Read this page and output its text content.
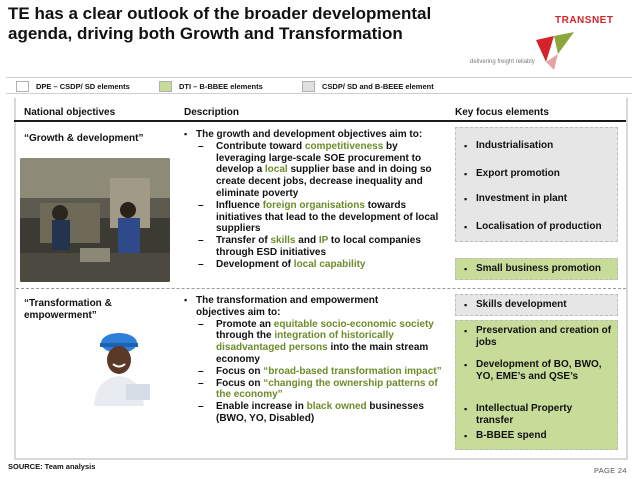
TE has a clear outlook of the broader developmental agenda, driving both Growth and Transformation
TRANSNET
delivering freight reliably
DPE – CSDP/ SD elements	DTI – B-BBEE elements	CSDP/ SD and B-BEEE element
National objectives	Description	Key focus elements
“Growth & development”
▪	The growth and development objectives aim to:
– Contribute toward competitiveness by leveraging large-scale SOE procurement to develop a local supplier base and in doing so create decent jobs, decrease inequality and eliminate poverty
– Influence foreign organisations towards initiatives that lead to the development of local suppliers
– Transfer of skills and IP to local companies through ESD initiatives
– Development of local capability
▪ Industrialisation
▪ Export promotion
▪ Investment in plant
▪ Localisation of production
▪ Small business promotion
“Transformation &
empowerment”
▪ The transformation and empowerment
objectives aim to:
– Promote an equitable socio-economic society through the integration of historically disadvantaged persons into the main stream economy
– Focus on “broad-based transformation impact”
– Focus on “changing the ownership patterns of the economy”
– Enable increase in black owned businesses (BWO, YO, Disabled)
▪ Skills development
▪ Preservation and creation of jobs
▪ Development of BO, BWO, YO, EME’s and QSE’s
▪ Intellectual Property transfer
▪ B-BBEE spend
SOURCE: Team analysis	PAGE 24
